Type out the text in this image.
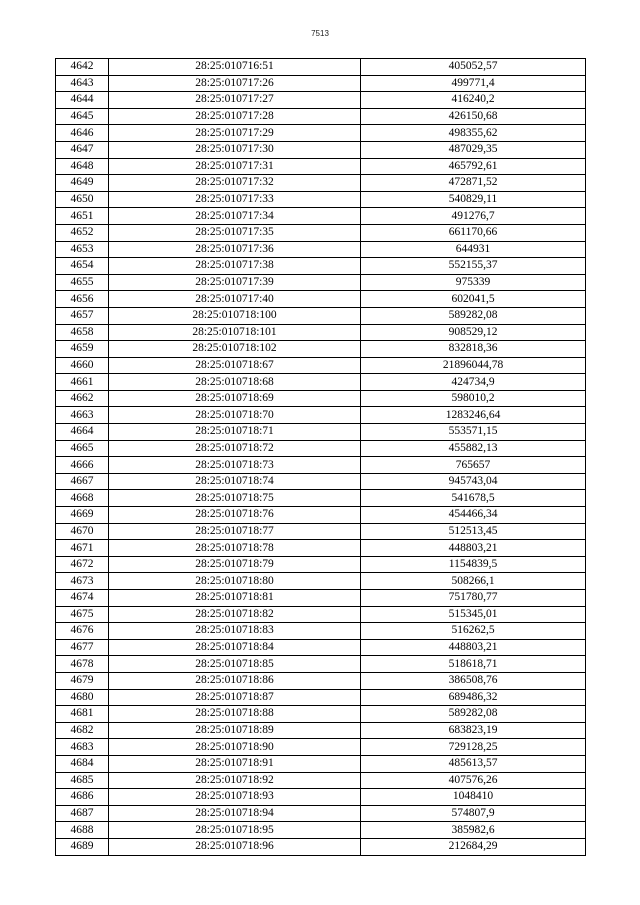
7513
4642	28:25:010716:51	405052,57
4643	28:25:010717:26	499771,4
4644	28:25:010717:27	416240,2
4645	28:25:010717:28	426150,68
4646	28:25:010717:29	498355,62
4647	28:25:010717:30	487029,35
4648	28:25:010717:31	465792,61
4649	28:25:010717:32	472871,52
4650	28:25:010717:33	540829,11
4651	28:25:010717:34	491276,7
4652	28:25:010717:35	661170,66
4653	28:25:010717:36	644931
4654	28:25:010717:38	552155,37
4655	28:25:010717:39	975339
4656	28:25:010717:40	602041,5
4657	28:25:010718:100	589282,08
4658	28:25:010718:101	908529,12
4659	28:25:010718:102	832818,36
4660	28:25:010718:67	21896044,78
4661	28:25:010718:68	424734,9
4662	28:25:010718:69	598010,2
4663	28:25:010718:70	1283246,64
4664	28:25:010718:71	553571,15
4665	28:25:010718:72	455882,13
4666	28:25:010718:73	765657
4667	28:25:010718:74	945743,04
4668	28:25:010718:75	541678,5
4669	28:25:010718:76	454466,34
4670	28:25:010718:77	512513,45
4671	28:25:010718:78	448803,21
4672	28:25:010718:79	1154839,5
4673	28:25:010718:80	508266,1
4674	28:25:010718:81	751780,77
4675	28:25:010718:82	515345,01
4676	28:25:010718:83	516262,5
4677	28:25:010718:84	448803,21
4678	28:25:010718:85	518618,71
4679	28:25:010718:86	386508,76
4680	28:25:010718:87	689486,32
4681	28:25:010718:88	589282,08
4682	28:25:010718:89	683823,19
4683	28:25:010718:90	729128,25
4684	28:25:010718:91	485613,57
4685	28:25:010718:92	407576,26
4686	28:25:010718:93	1048410
4687	28:25:010718:94	574807,9
4688	28:25:010718:95	385982,6
4689	28:25:010718:96	212684,29
